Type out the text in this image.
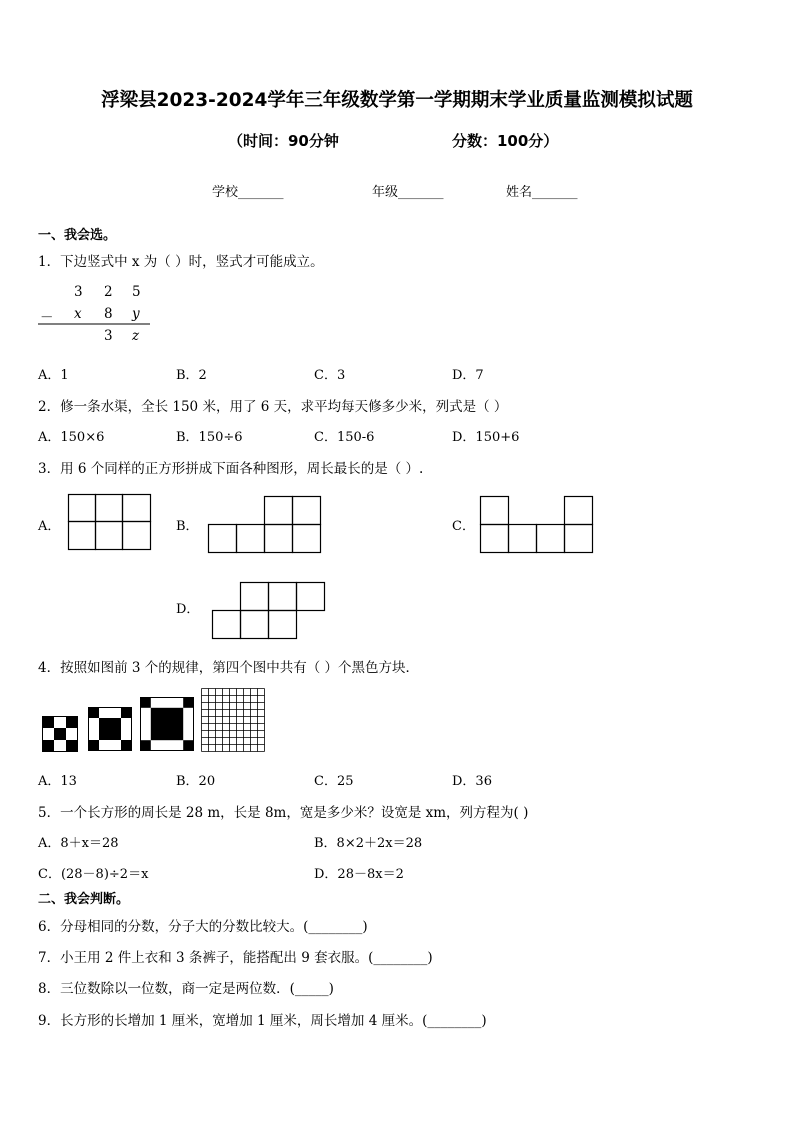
浮梁县2023-2024学年三年级数学第一学期期末学业质量监测模拟试题
（时间：90分钟	分数：100分）
学校_______	年级_______	姓名_______
一、我会选。
1．下边竖式中 x 为（ ）时，竖式才可能成立。
3 2 5
－ x 8 y
3 z
A．1	B．2	C．3	D．7
2．修一条水渠，全长 150 米，用了 6 天，求平均每天修多少米，列式是（ ）
A．150×6	B．150÷6	C．150-6	D．150+6
3．用 6 个同样的正方形拼成下面各种图形，周长最长的是（ ）.
A．	B．	C．
D．
4．按照如图前 3 个的规律，第四个图中共有（ ）个黑色方块．
A．13	B．20	C．25	D．36
5．一个长方形的周长是 28 m，长是 8m，宽是多少米？设宽是 xm，列方程为( )
A．8＋x＝28	B．8×2＋2x＝28
C．(28－8)÷2＝x	D．28－8x＝2
二、我会判断。
6．分母相同的分数，分子大的分数比较大。(________)
7．小王用 2 件上衣和 3 条裤子，能搭配出 9 套衣服。(________)
8．三位数除以一位数，商一定是两位数．(_____)
9．长方形的长增加 1 厘米，宽增加 1 厘米，周长增加 4 厘米。(________)
